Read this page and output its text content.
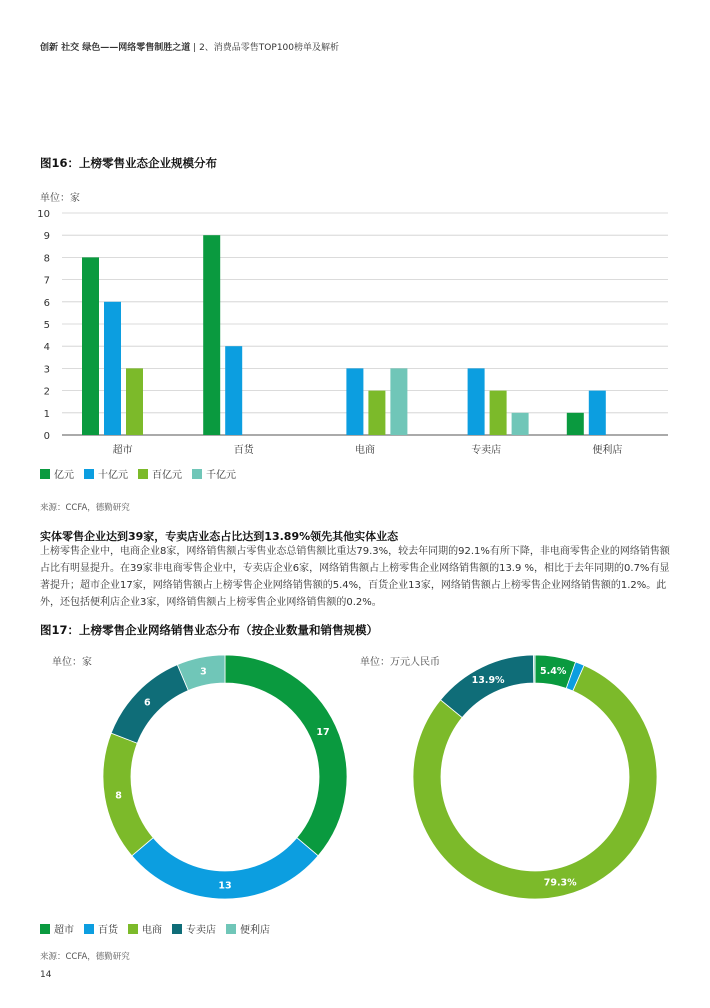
创新 社交 绿色——网络零售制胜之道 | 2、消费品零售TOP100榜单及解析
图16：上榜零售业态企业规模分布
单位：家
0
1
2
3
4
5
6
7
8
9
10
超市	百货	电商	专卖店	便利店
亿元 十亿元 百亿元 千亿元
来源：CCFA，德勤研究
实体零售企业达到39家，专卖店业态占比达到13.89%领先其他实体业态
上榜零售企业中，电商企业8家，网络销售额占零售业态总销售额比重达79.3%，较去年同期的92.1%有所下降，非电商零售企业的网络销售额占比有明显提升。在39家非电商零售企业中，专卖店企业6家，网络销售额占上榜零售企业网络销售额的13.9 %，相比于去年同期的0.7%有显著提升；超市企业17家，网络销售额占上榜零售企业网络销售额的5.4%，百货企业13家，网络销售额占上榜零售企业网络销售额的1.2%。此外，还包括便利店企业3家，网络销售额占上榜零售企业网络销售额的0.2%。
图17：上榜零售企业网络销售业态分布（按企业数量和销售规模）
单位：家	单位：万元人民币
17
13
8
6
3	5.4%
79.3%
13.9%
超市 百货 电商 专卖店 便利店
来源：CCFA，德勤研究
14
